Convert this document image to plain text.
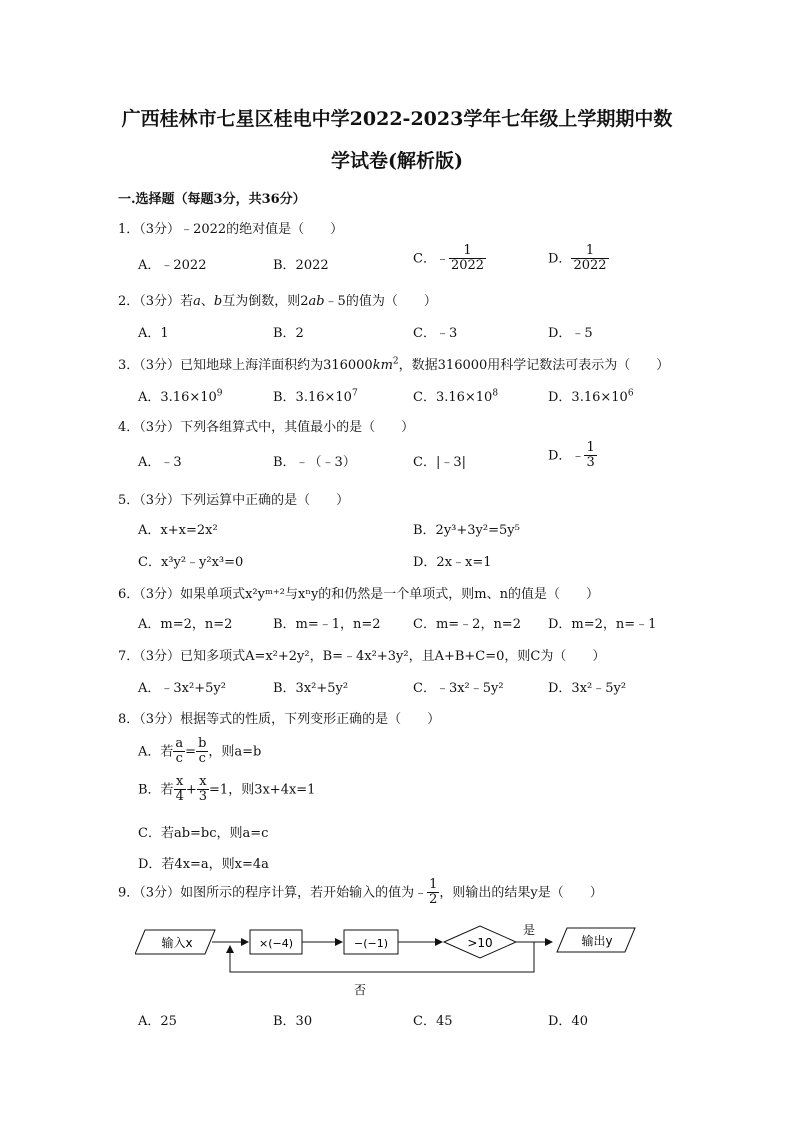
广西桂林市七星区桂电中学2022-2023学年七年级上学期期中数
学试卷(解析版)
一.选择题（每题3分，共36分）
1．（3分）﹣2022的绝对值是（　　）
A．﹣2022	B．2022	C．﹣ $\frac{1}{2022}$	D． $\frac{1}{2022}$
2．（3分）若a、b互为倒数，则2ab﹣5的值为（　　）
A．1	B．2	C．﹣3	D．﹣5
3．（3分）已知地球上海洋面积约为$316000km^2$，数据316000用科学记数法可表示为（　　）
A．$3.16\times 10^9$	B．$3.16\times 10^7$	C．$3.16\times 10^8$	D．$3.16\times 10^6$
4．（3分）下列各组算式中，其值最小的是（　　）
A．﹣3	B．﹣（﹣3）	C．|﹣3|	D．﹣ $\frac{1}{3}$
5．（3分）下列运算中正确的是（　　）
A．x+x=2x²	B．2y³+3y²=5y⁵
C．x³y²﹣y²x³=0	D．2x﹣x=1
6．（3分）如果单项式x²yᵐ⁺²与xⁿy的和仍然是一个单项式，则m、n的值是（　　）
A．m=2，n=2	B．m=﹣1，n=2 C．m=﹣2，n=2 D．m=2，n=﹣1
7．（3分）已知多项式A=x²+2y²，B=﹣4x²+3y²，且A+B+C=0，则C为（　　）
A．﹣3x²+5y²	B．3x²+5y²	C．﹣3x²﹣5y²	D．3x²﹣5y²
8．（3分）根据等式的性质，下列变形正确的是（　　）
A．若 $\frac{a}{c} = \frac{b}{c}$ ，则a=b
B．若 $\frac{x}{4} + \frac{x}{3} =1$，则3x+4x=1
C．若ab=bc，则a=c
D．若4x=a，则x=4a
9．（3分）如图所示的程序计算，若开始输入的值为﹣ $\frac{1}{2}$ ，则输出的结果y是（　　）
输入x	×(−4)	−(−1)	>10
是
输出y
否
A．25	B．30	C．45	D．40
